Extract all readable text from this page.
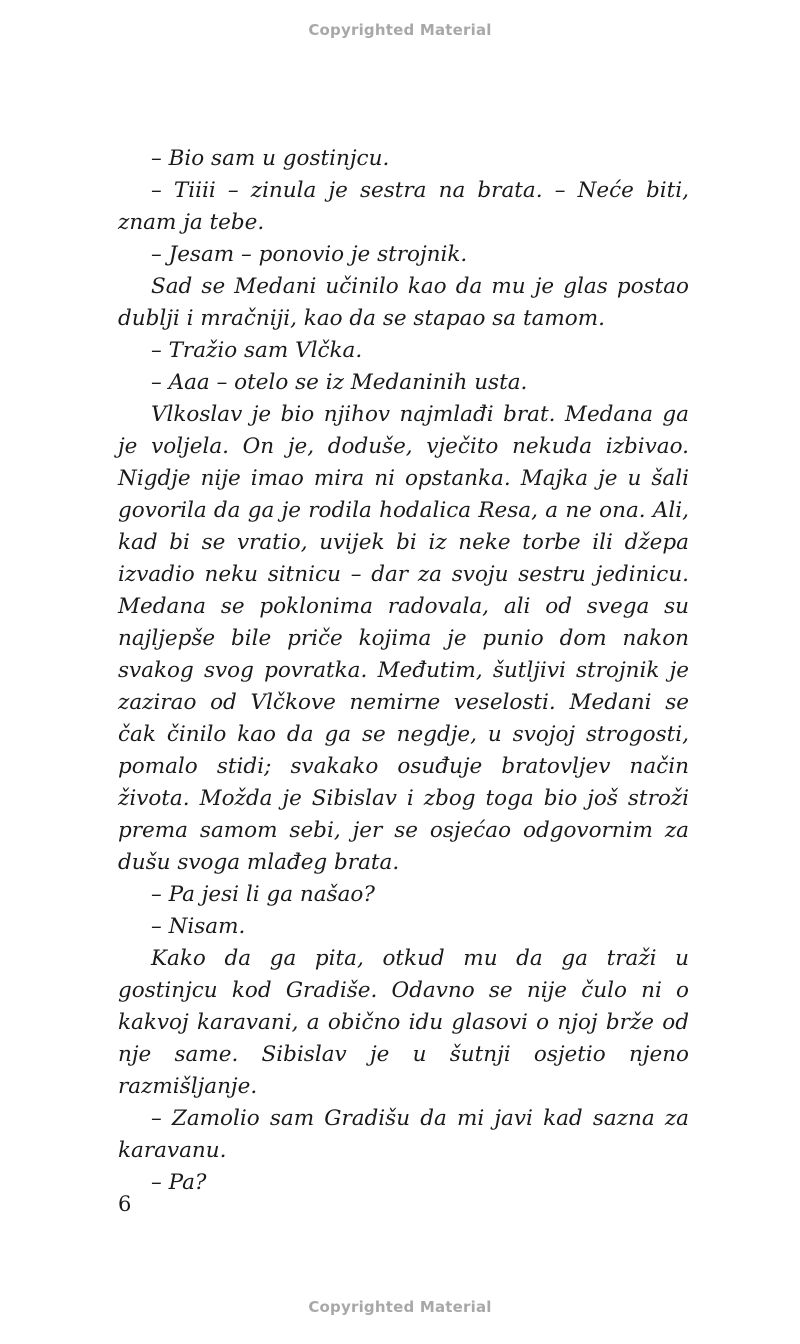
Copyrighted Material

– Bio sam u gostinjcu.

– Tiiii – zinula je sestra na brata. – Neće biti, znam ja tebe.

– Jesam – ponovio je strojnik.

Sad se Medani učinilo kao da mu je glas postao dublji i mračniji, kao da se stapao sa tamom.

– Tražio sam Vlčka.

– Aaa – otelo se iz Medaninih usta.

Vlkoslav je bio njihov najmlađi brat. Medana ga je voljela. On je, doduše, vječito nekuda izbivao. Nigdje nije imao mira ni opstanka. Majka je u šali govorila da ga je rodila hodalica Resa, a ne ona. Ali, kad bi se vratio, uvijek bi iz neke torbe ili džepa izvadio neku sitnicu – dar za svoju sestru jedinicu. Medana se poklonima radovala, ali od svega su najljepše bile priče kojima je punio dom nakon svakog svog povratka. Međutim, šutljivi strojnik je zazirao od Vlčkove nemirne veselosti. Medani se čak činilo kao da ga se negdje, u svojoj strogosti, pomalo stidi; svakako osuđuje bratovljev način života. Možda je Sibislav i zbog toga bio još stroži prema samom sebi, jer se osjećao odgovornim za dušu svoga mlađeg brata.

– Pa jesi li ga našao?

– Nisam.

Kako da ga pita, otkud mu da ga traži u gostinjcu kod Gradiše. Odavno se nije čulo ni o kakvoj karavani, a obično idu glasovi o njoj brže od nje same. Sibislav je u šutnji osjetio njeno razmišljanje.

– Zamolio sam Gradišu da mi javi kad sazna za karavanu.

– Pa?

6
Copyrighted Material
